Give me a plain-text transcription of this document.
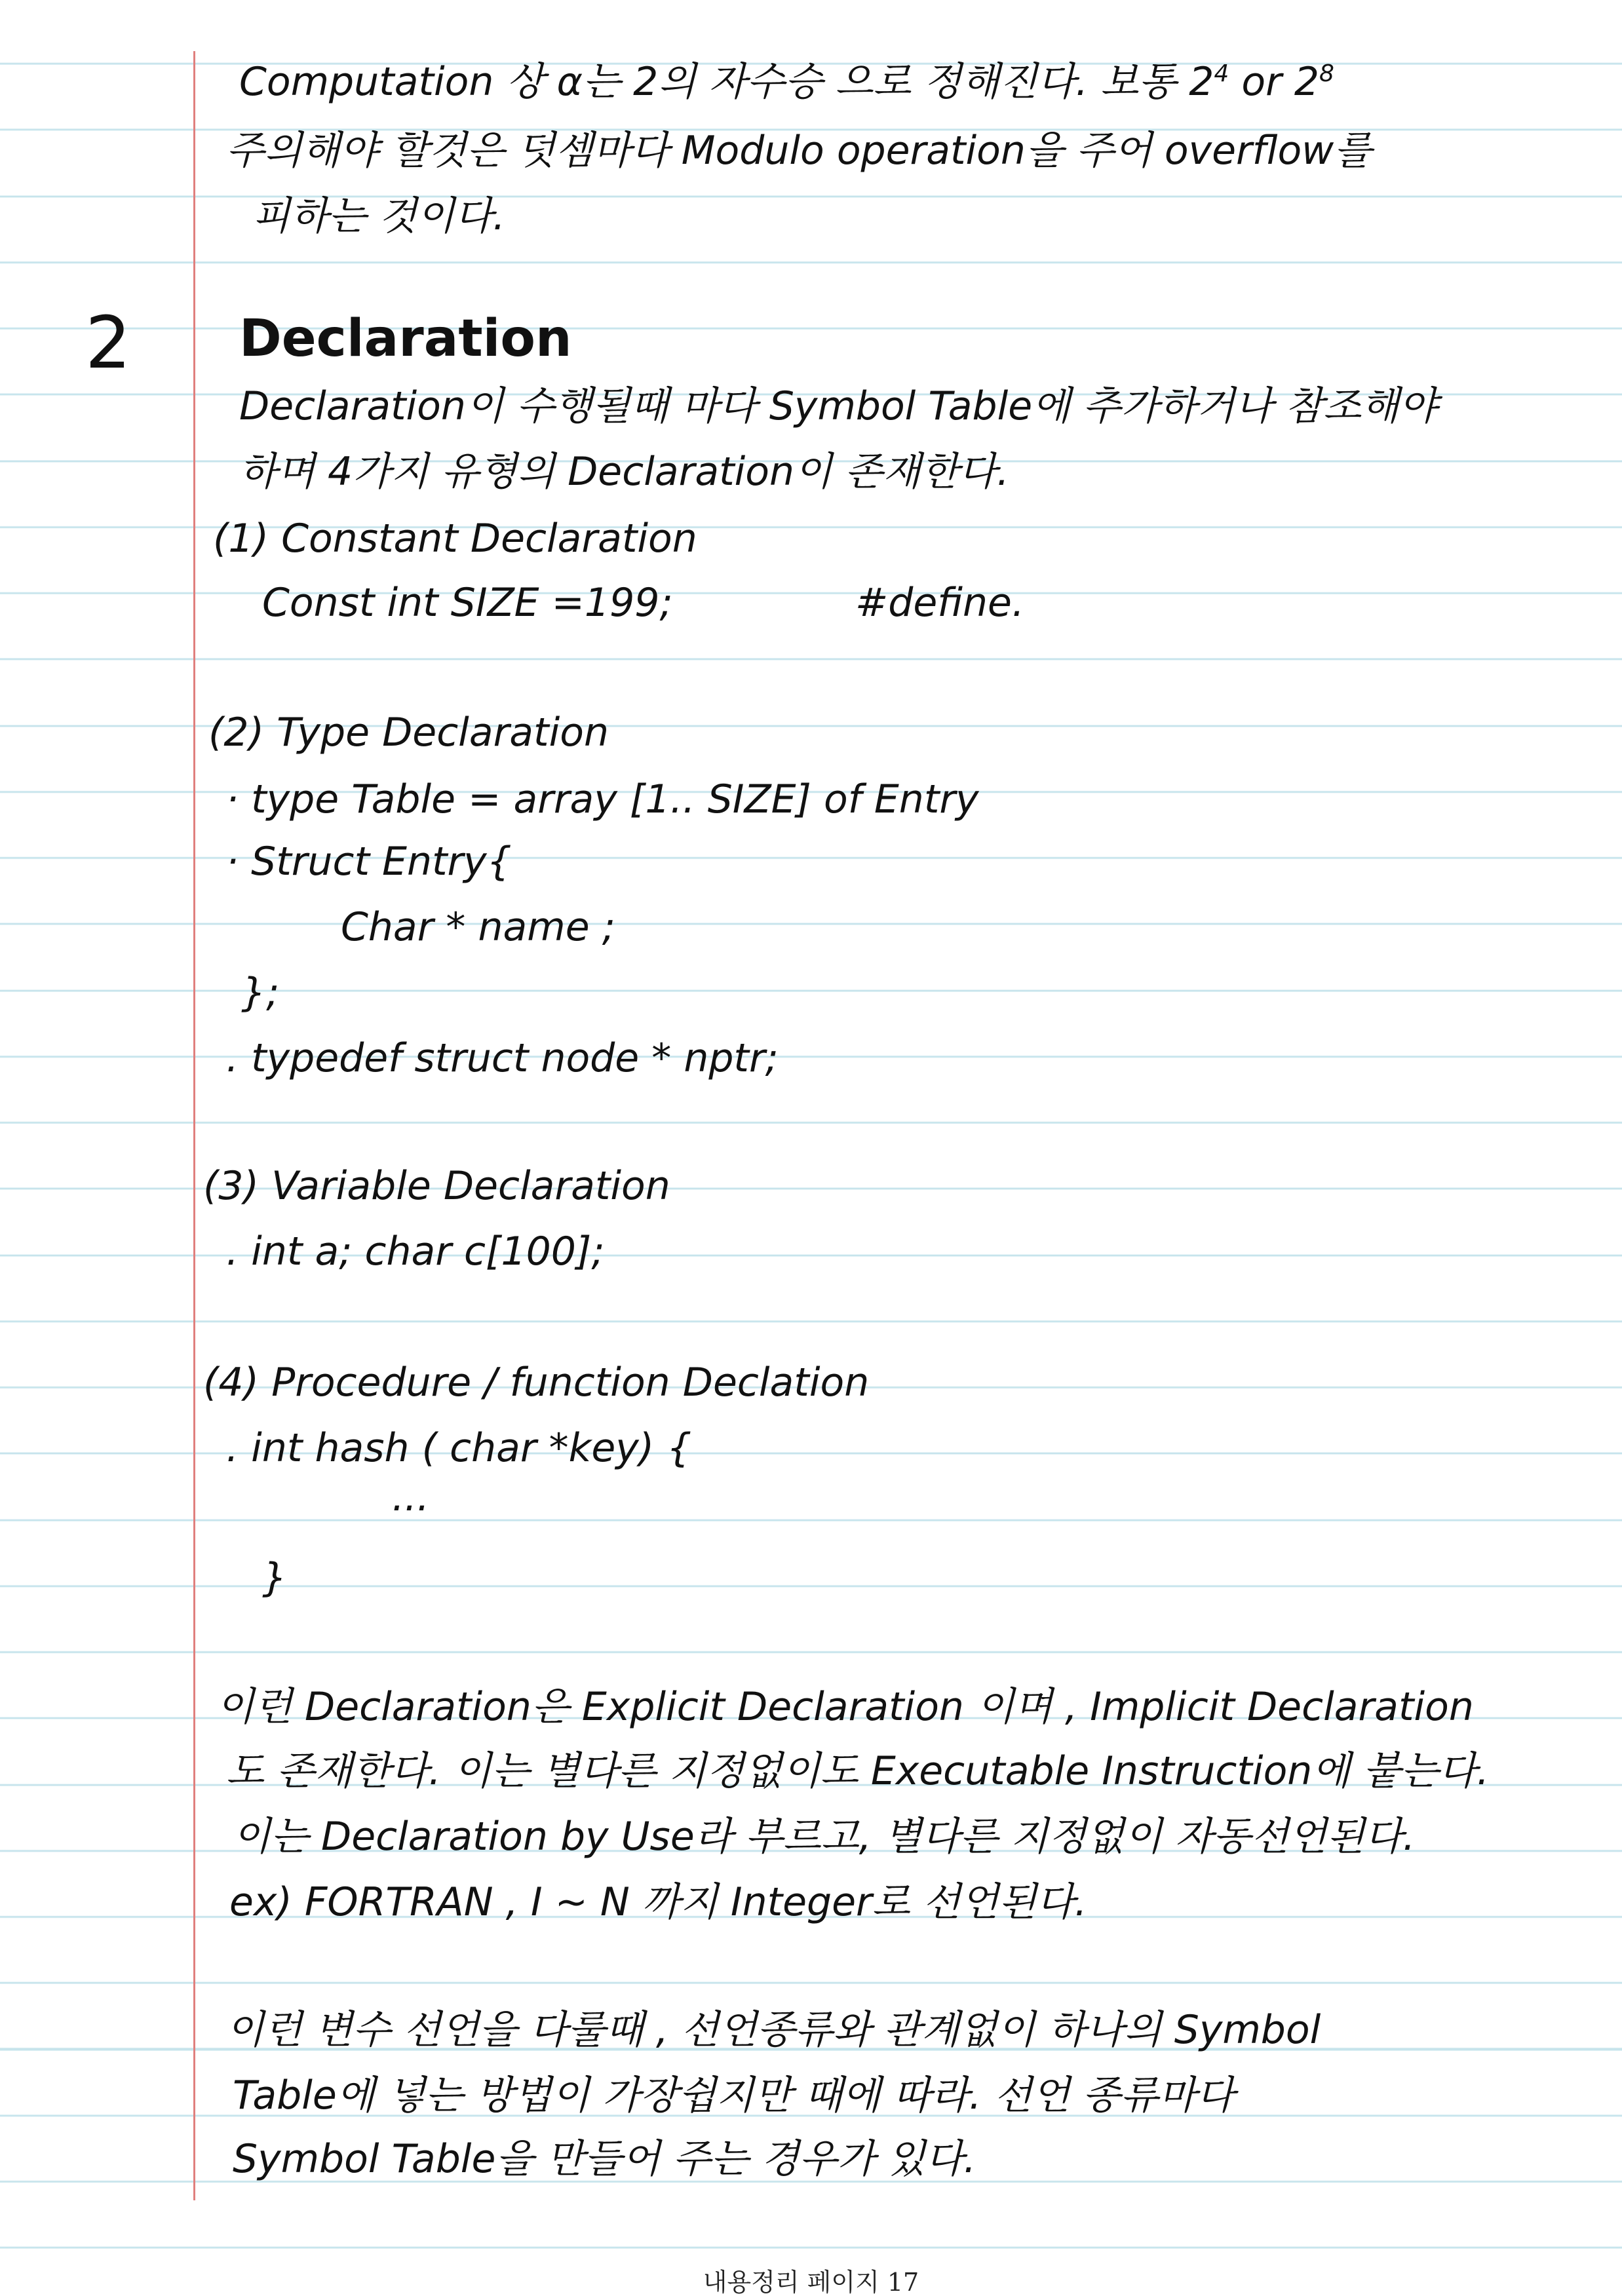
Computation 상 α는 2의 자수승 으로 정해진다. 보통 $2^4$ or $2^8$
주의해야 할것은 덧셈마다 Modulo operation을 주어 overflow를
피하는 것이다.
2 Declaration
Declaration이 수행될때 마다 Symbol Table에 추가하거나 참조해야
하며 4가지 유형의 Declaration이 존재한다.
(1) Constant Declaration
Const int SIZE =199;	#define.
(2) Type Declaration
· type Table = array [1.. SIZE] of Entry
· Struct Entry{
Char * name ;
};
. typedef struct node * nptr;
(3) Variable Declaration
. int a; char c[100];
(4) Procedure / function Declation
. int hash ( char *key) {
...
}
이런 Declaration은 Explicit Declaration 이며 , Implicit Declaration
도 존재한다. 이는 별다른 지정없이도 Executable Instruction에 붙는다.
이는 Declaration by Use라 부르고, 별다른 지정없이 자동선언된다.
ex) FORTRAN , I ~ N 까지 Integer로 선언된다.
이런 변수 선언을 다룰때 , 선언종류와 관계없이 하나의 Symbol
Table에 넣는 방법이 가장쉽지만 때에 따라. 선언 종류마다
Symbol Table을 만들어 주는 경우가 있다.
내용정리 페이지 17
